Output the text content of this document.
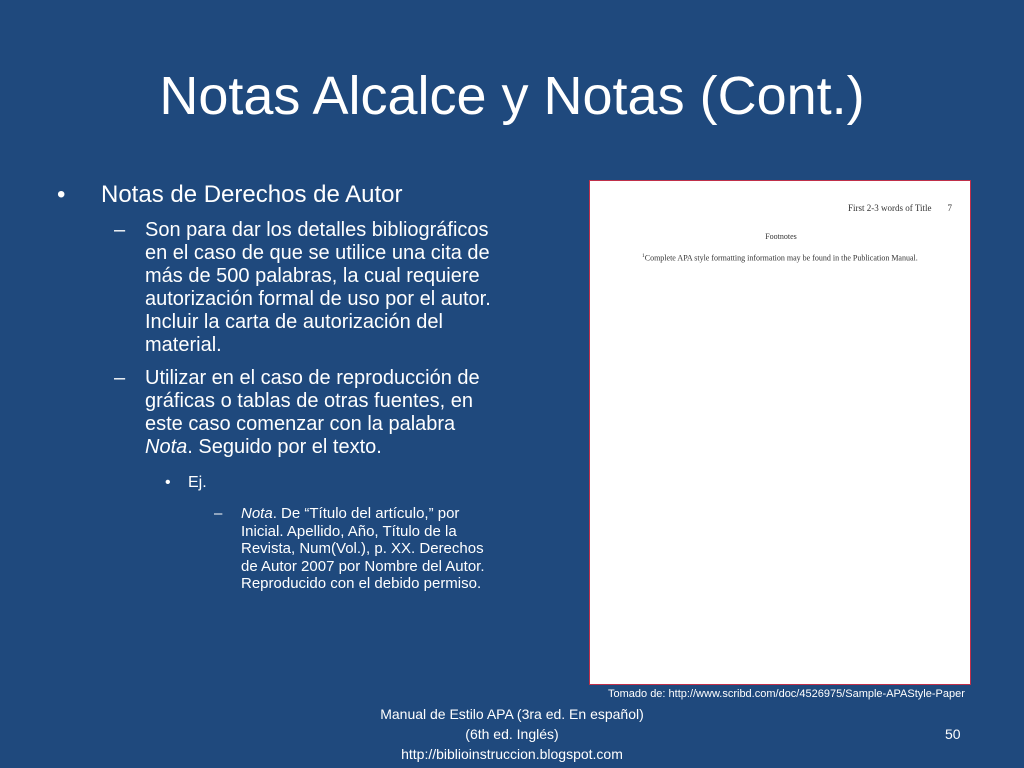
Notas Alcalce y Notas (Cont.)
• Notas de Derechos de Autor
– Son para dar los detalles bibliográficos en el caso de que se utilice una cita de más de 500 palabras, la cual requiere autorización formal de uso por el autor. Incluir la carta de autorización del material.
– Utilizar en el caso de reproducción de gráficas o tablas de otras fuentes, en este caso comenzar con la palabraNota. Seguido por el texto.
• Ej.
– Nota. De “Título del artículo,” por Inicial. Apellido, Año, Título de la Revista, Num(Vol.), p. XX. Derechos de Autor 2007 por Nombre del Autor. Reproducido con el debido permiso.
First 2-3 words of Title 7
Footnotes
$^1$Complete APA style formatting information may be found in the Publication Manual.
Tomado de: http://www.scribd.com/doc/4526975/Sample-APAStyle-Paper
Manual de Estilo APA (3ra ed. En español)
(6th ed. Inglés)
http://biblioinstruccion.blogspot.com
50
